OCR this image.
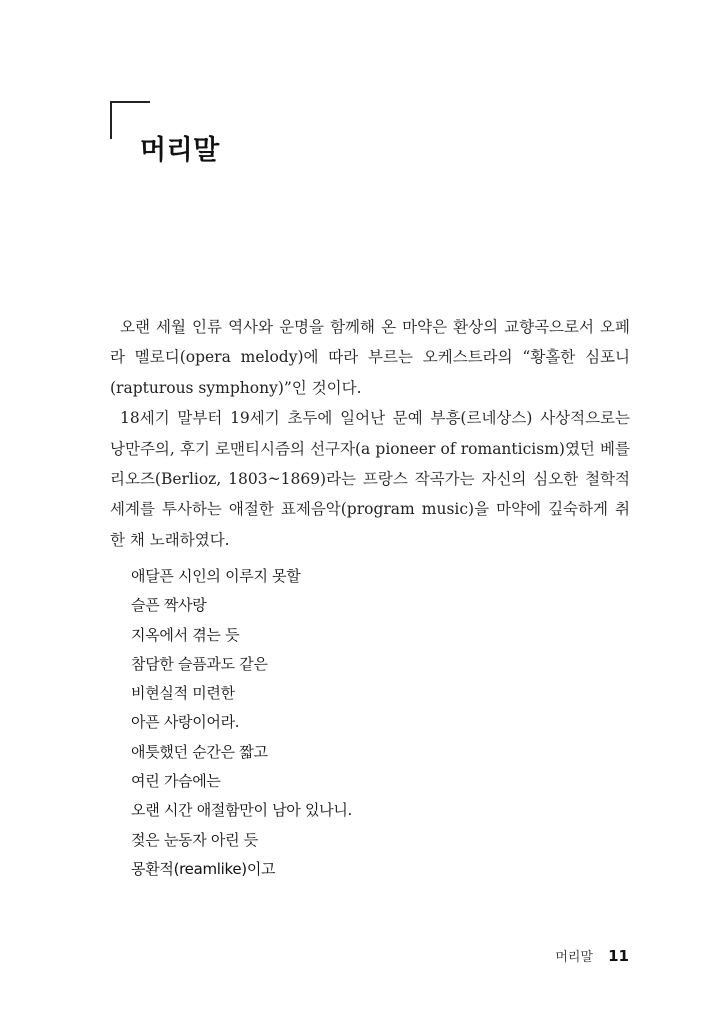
머리말

오랜 세월 인류 역사와 운명을 함께해 온 마약은 환상의 교향곡으로서 오페라 멜로디(opera melody)에 따라 부르는 오케스트라의 “황홀한 심포니(rapturous symphony)”인 것이다.

18세기 말부터 19세기 초두에 일어난 문예 부흥(르네상스) 사상적으로는 낭만주의, 후기 로맨티시즘의 선구자(a pioneer of romanticism)였던 베를리오즈(Berlioz, 1803~1869)라는 프랑스 작곡가는 자신의 심오한 철학적 세계를 투사하는 애절한 표제음악(program music)을 마약에 깊숙하게 취한 채 노래하였다.

애달픈 시인의 이루지 못할
슬픈 짝사랑
지옥에서 겪는 듯
참담한 슬픔과도 같은
비현실적 미련한
아픈 사랑이어라.
애틋했던 순간은 짧고
여린 가슴에는
오랜 시간 애절함만이 남아 있나니.
젖은 눈동자 아린 듯
몽환적(reamlike)이고
머리말 11
